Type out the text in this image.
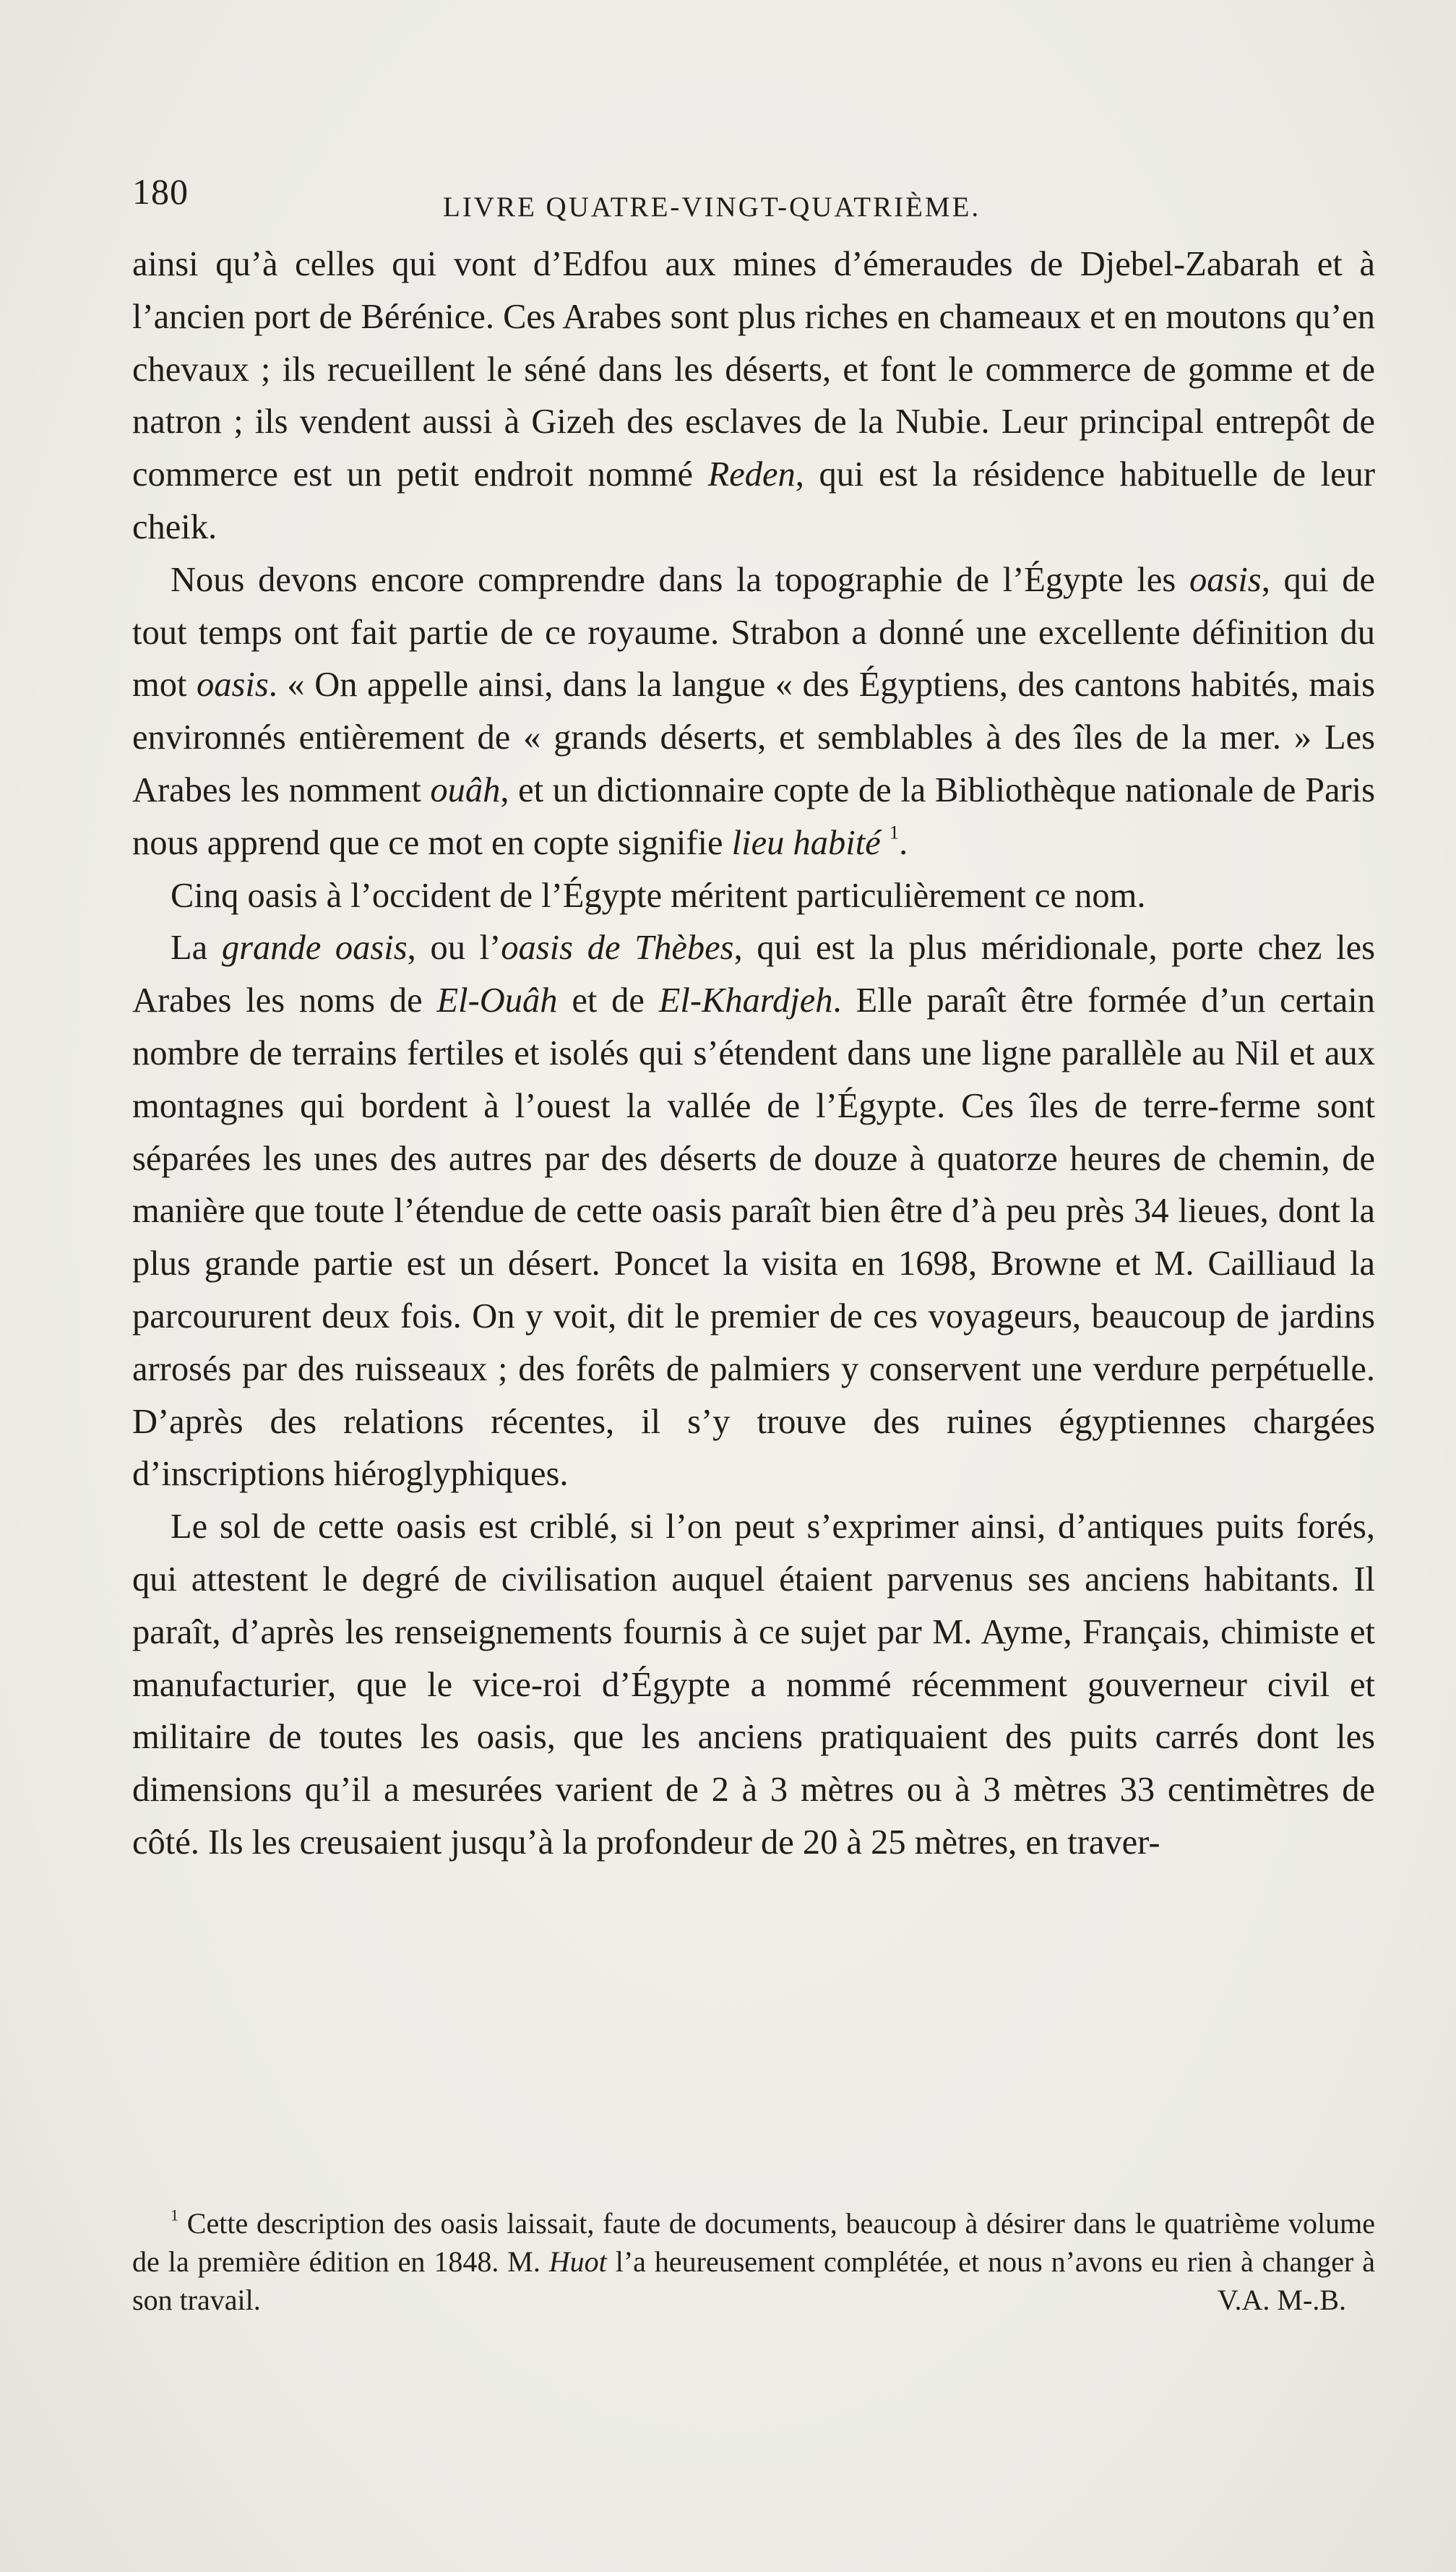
180	LIVRE QUATRE-VINGT-QUATRIÈME.

ainsi qu’à celles qui vont d’Edfou aux mines d’émeraudes de Djebel-Zabarah et à l’ancien port de Bérénice. Ces Arabes sont plus riches en chameaux et en moutons qu’en chevaux ; ils recueillent le séné dans les déserts, et font le commerce de gomme et de natron ; ils vendent aussi à Gizeh des esclaves de la Nubie. Leur principal entrepôt de commerce est un petit endroit nommé Reden, qui est la résidence habituelle de leur cheik.

Nous devons encore comprendre dans la topographie de l’Égypte les oasis, qui de tout temps ont fait partie de ce royaume. Strabon a donné une excellente définition du mot oasis. « On appelle ainsi, dans la langue « des Égyptiens, des cantons habités, mais environnés entièrement de « grands déserts, et semblables à des îles de la mer. » Les Arabes les nomment ouâh, et un dictionnaire copte de la Bibliothèque nationale de Paris nous apprend que ce mot en copte signifie lieu habité $^1$.

Cinq oasis à l’occident de l’Égypte méritent particulièrement ce nom.

La grande oasis, ou l’oasis de Thèbes, qui est la plus méridionale, porte chez les Arabes les noms de El-Ouâh et de El-Khardjeh. Elle paraît être formée d’un certain nombre de terrains fertiles et isolés qui s’étendent dans une ligne parallèle au Nil et aux montagnes qui bordent à l’ouest la vallée de l’Égypte. Ces îles de terre-ferme sont séparées les unes des autres par des déserts de douze à quatorze heures de chemin, de manière que toute l’étendue de cette oasis paraît bien être d’à peu près 34 lieues, dont la plus grande partie est un désert. Poncet la visita en 1698, Browne et M. Cailliaud la parcoururent deux fois. On y voit, dit le premier de ces voyageurs, beaucoup de jardins arrosés par des ruisseaux ; des forêts de palmiers y conservent une verdure perpétuelle. D’après des relations récentes, il s’y trouve des ruines égyptiennes chargées d’inscriptions hiéroglyphiques.

Le sol de cette oasis est criblé, si l’on peut s’exprimer ainsi, d’antiques puits forés, qui attestent le degré de civilisation auquel étaient parvenus ses anciens habitants. Il paraît, d’après les renseignements fournis à ce sujet par M. Ayme, Français, chimiste et manufacturier, que le vice-roi d’Égypte a nommé récemment gouverneur civil et militaire de toutes les oasis, que les anciens pratiquaient des puits carrés dont les dimensions qu’il a mesurées varient de 2 à 3 mètres ou à 3 mètres 33 centimètres de côté. Ils les creusaient jusqu’à la profondeur de 20 à 25 mètres, en traver-

$^1$ Cette description des oasis laissait, faute de documents, beaucoup à désirer dans le quatrième volume de la première édition en 1848. M. Huot l’a heureusement complétée, et nous n’avons eu rien à changer à son travail.	V.A. M-.B.
